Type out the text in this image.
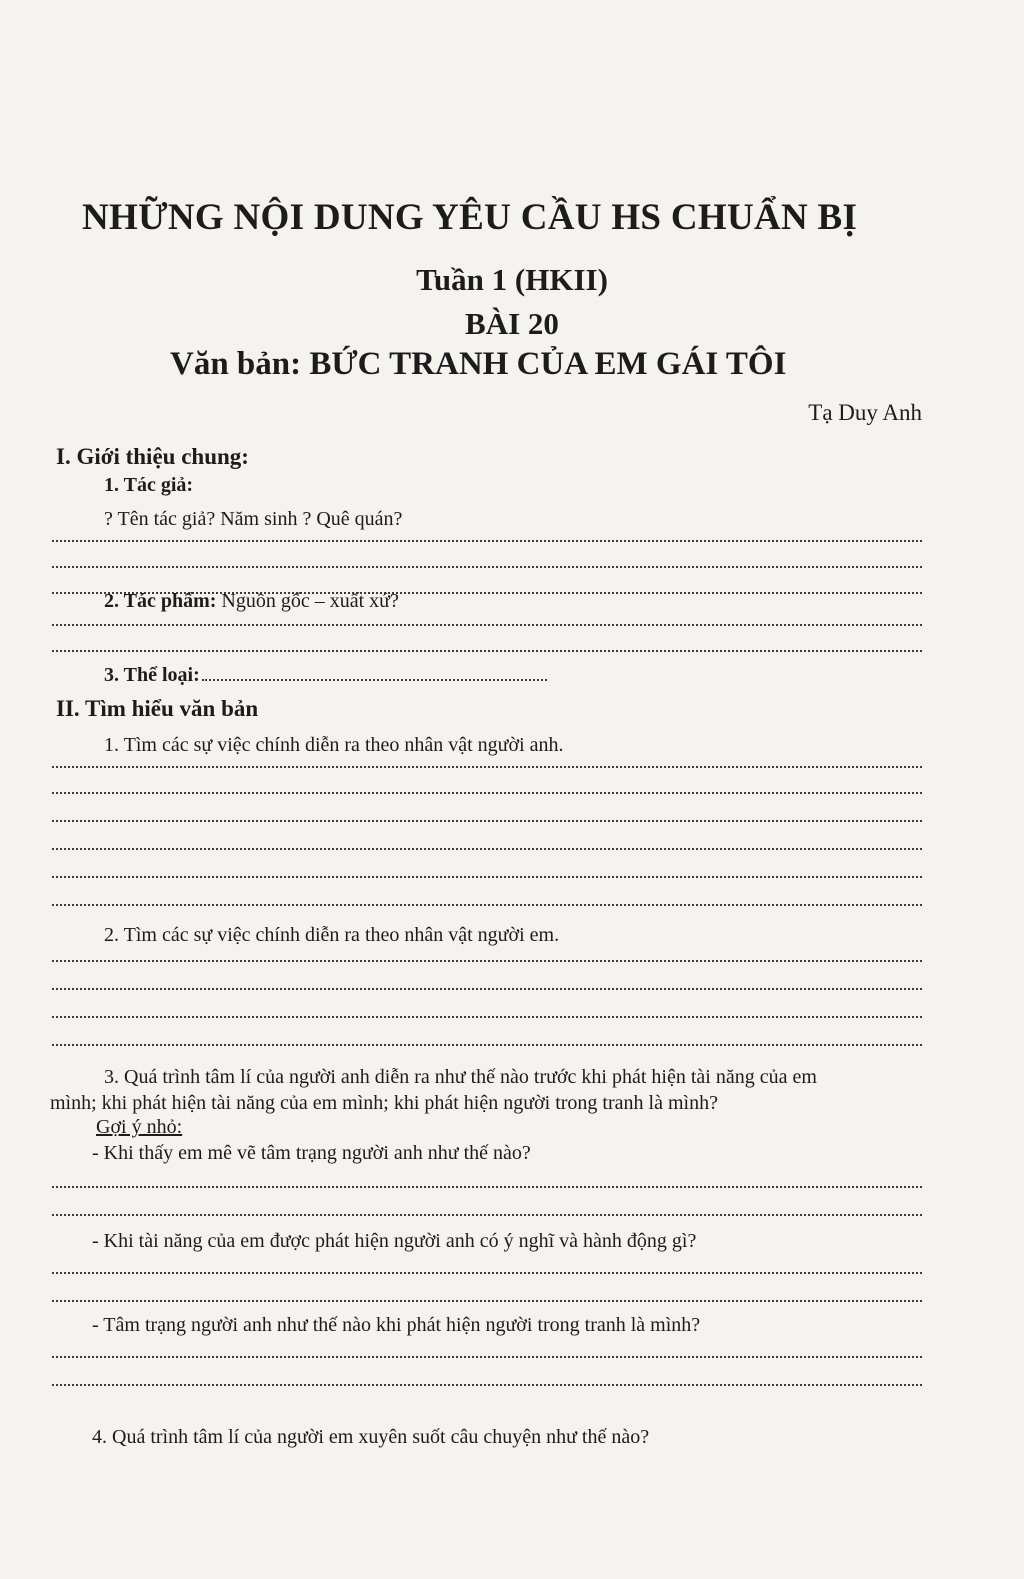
NHỮNG NỘI DUNG YÊU CẦU HS CHUẨN BỊ
Tuần 1 (HKII)
BÀI 20
Văn bản: BỨC TRANH CỦA EM GÁI TÔI
Tạ Duy Anh
I. Giới thiệu chung:
1. Tác giả:
? Tên tác giả? Năm sinh ? Quê quán?
2. Tác phẩm: Nguồn gốc – xuất xứ?
3. Thể loại:
II. Tìm hiểu văn bản
1. Tìm các sự việc chính diễn ra theo nhân vật người anh.
2. Tìm các sự việc chính diễn ra theo nhân vật người em.
3. Quá trình tâm lí của người anh diễn ra như thế nào trước khi phát hiện tài năng của em
mình; khi phát hiện tài năng của em mình; khi phát hiện người trong tranh là mình?
Gợi ý nhỏ:
- Khi thấy em mê vẽ tâm trạng người anh như thế nào?
- Khi tài năng của em được phát hiện người anh có ý nghĩ và hành động gì?
- Tâm trạng người anh như thế nào khi phát hiện người trong tranh là mình?
4. Quá trình tâm lí của người em xuyên suốt câu chuyện như thế nào?
